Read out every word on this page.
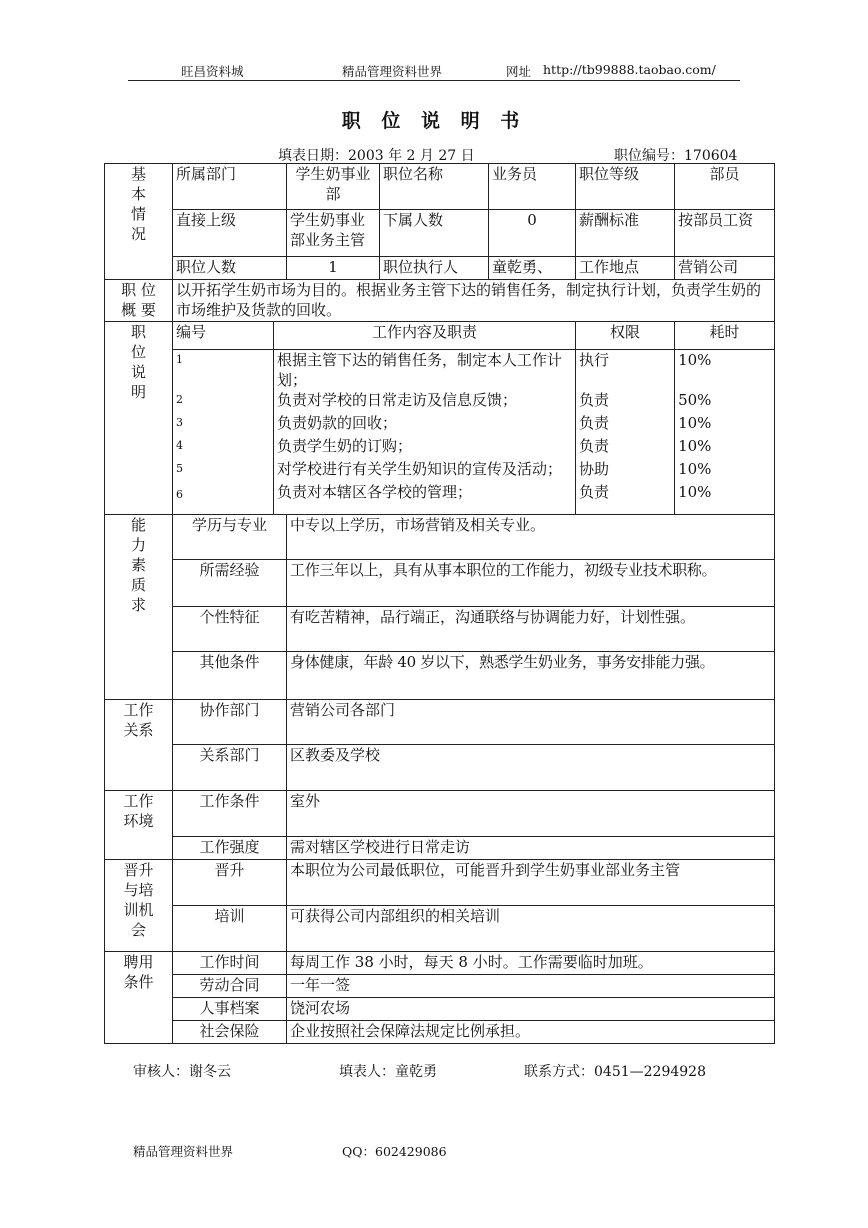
旺昌资料城	精品管理资料世界	网址 http://tb99888.taobao.com/
职 位 说 明 书
填表日期：2003 年 2 月 27 日	职位编号：170604
基
本
情
况	所属部门		学生奶事业部	职位名称	业务员	职位等级	部员
	直接上级		学生奶事业部业务主管	下属人数	0	薪酬标准	按部员工资
	职位人数		1	职位执行人	童乾勇、	工作地点	营销公司
职 位
概 要	以开拓学生奶市场为目的。根据业务主管下达的销售任务，制定执行计划，负责学生奶的市场维护及货款的回收。						
职
位
说
明	编号	工作内容及职责				权限	耗时
	1	根据主管下达的销售任务，制定本人工作计划；				执行	10%
	2	负责对学校的日常走访及信息反馈；				负责	50%
	3	负责奶款的回收；				负责	10%
	4	负责学生奶的订购；				负责	10%
	5	对学校进行有关学生奶知识的宣传及活动；				协助	10%
	6	负责对本辖区各学校的管理；				负责	10%
能
力
素
质
求	学历与专业		中专以上学历，市场营销及相关专业。				
	所需经验		工作三年以上，具有从事本职位的工作能力，初级专业技术职称。				
	个性特征		有吃苦精神，品行端正，沟通联络与协调能力好，计划性强。				
	其他条件		身体健康，年龄 40 岁以下，熟悉学生奶业务，事务安排能力强。				
工作
关系	协作部门		营销公司各部门				
	关系部门		区教委及学校				
工作
环境	工作条件		室外				
	工作强度		需对辖区学校进行日常走访				
晋升
与培
训机
会	晋升		本职位为公司最低职位，可能晋升到学生奶事业部业务主管				
	培训		可获得公司内部组织的相关培训				
聘用
条件	工作时间		每周工作 38 小时，每天 8 小时。工作需要临时加班。				
	劳动合同		一年一签				
	人事档案		饶河农场				
	社会保险		企业按照社会保障法规定比例承担。				
审核人：谢冬云	填表人：童乾勇	联系方式：0451—2294928
精品管理资料世界	QQ：602429086
